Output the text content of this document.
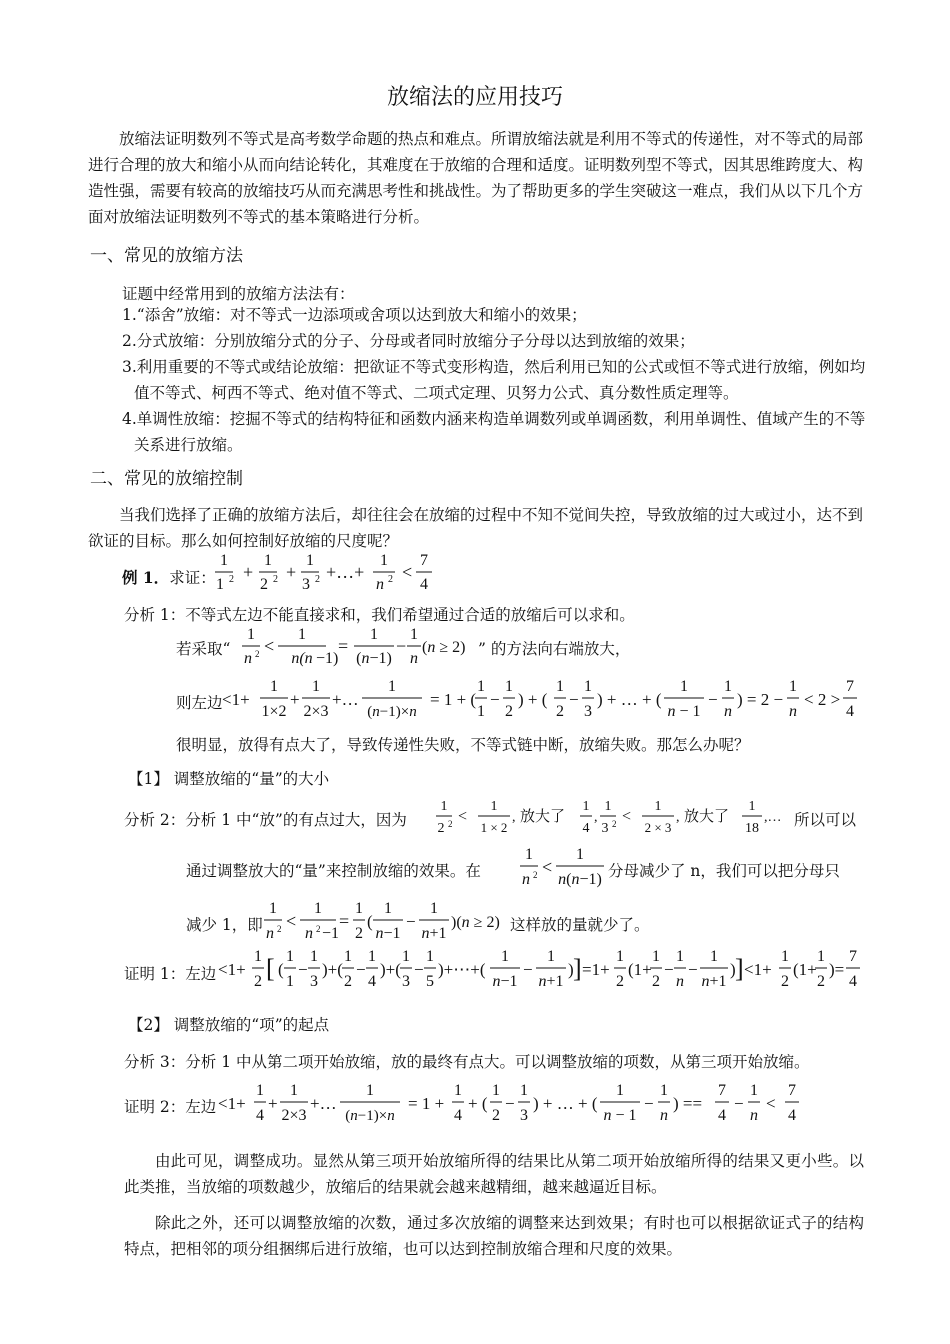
放缩法的应用技巧
放缩法证明数列不等式是高考数学命题的热点和难点。所谓放缩法就是利用不等式的传递性，对不等式的局部进行合理的放大和缩小从而向结论转化，其难度在于放缩的合理和适度。证明数列型不等式，因其思维跨度大、构造性强，需要有较高的放缩技巧从而充满思考性和挑战性。为了帮助更多的学生突破这一难点，我们从以下几个方面对放缩法证明数列不等式的基本策略进行分析。
一、常见的放缩方法
证题中经常用到的放缩方法法有：
1.“添舍”放缩：对不等式一边添项或舍项以达到放大和缩小的效果；
2.分式放缩：分别放缩分式的分子、分母或者同时放缩分子分母以达到放缩的效果；
3.利用重要的不等式或结论放缩：把欲证不等式变形构造，然后利用已知的公式或恒不等式进行放缩，例如均值不等式、柯西不等式、绝对值不等式、二项式定理、贝努力公式、真分数性质定理等。
4.单调性放缩：挖掘不等式的结构特征和函数内涵来构造单调数列或单调函数，利用单调性、值域产生的不等关系进行放缩。
二、常见的放缩控制
当我们选择了正确的放缩方法后，却往往会在放缩的过程中不知不觉间失控，导致放缩的过大或过小，达不到欲证的目标。那么如何控制好放缩的尺度呢？
例 1．求证：
1
1 2 +
1
2 2 +
1
3 2 +…+
1
n 2 <
7
4
分析 1：不等式左边不能直接求和，我们希望通过合适的放缩后可以求和。
若采取“
1
n 2 <
1
n(n −1)
=
1
(n−1)
−
1
n
(n ≥ 2) ” 的方法向右端放大，
则左边 <1+
1
1×2
+
1
2×3
+…
1
(n−1)×n
= 1 + (
1
1
−
1
2
) + (
1
2
−
1
3
) + … + (
1
n − 1
−
1
n
) = 2 −
1
n
< 2 >
7
4
很明显，放得有点大了，导致传递性失败，不等式链中断，放缩失败。那怎么办呢？
【1】 调整放缩的“量”的大小
分析 2：分析 1 中“放”的有点过大，因为
1
2 2 <
1
1 × 2
, 放大了
1
4
,
1
3 2 <
1
2 × 3
, 放大了
1
18
,… 所以可以
通过调整放大的“量”来控制放缩的效果。在
1
n 2 <
1
n(n−1) 分母减少了 n，我们可以把分母只
减少 1，即
1
n 2 <
1
n 2 −1
=
1
2
(
1
n−1
−
1
n+1
)(n ≥ 2) 这样放的量就少了。
证明 1：左边 <1+
1
2 [ (
1
1
−
1
3
)+(
1
2
−
1
4
)+(
1
3
−
1
5
)+⋯+(
1
n−1
−
1
n+1
) ] =1+
1
2
(1+
1
2
−
1
n
−
1
n+1
) ] <1+
1
2
(1+
1
2
)=
7
4
【2】 调整放缩的“项”的起点
分析 3：分析 1 中从第二项开始放缩，放的最终有点大。可以调整放缩的项数，从第三项开始放缩。
证明 2：左边 <1+
1
4
+
1
2×3
+…
1
(n−1)×n
= 1 +
1
4
+ (
1
2
−
1
3
) + … + (
1
n − 1
−
1
n
) ==
7
4
−
1
n
<
7
4
由此可见，调整成功。显然从第三项开始放缩所得的结果比从第二项开始放缩所得的结果又更小些。以此类推，当放缩的项数越少，放缩后的结果就会越来越精细，越来越逼近目标。
除此之外，还可以调整放缩的次数，通过多次放缩的调整来达到效果；有时也可以根据欲证式子的结构特点，把相邻的项分组捆绑后进行放缩，也可以达到控制放缩合理和尺度的效果。
